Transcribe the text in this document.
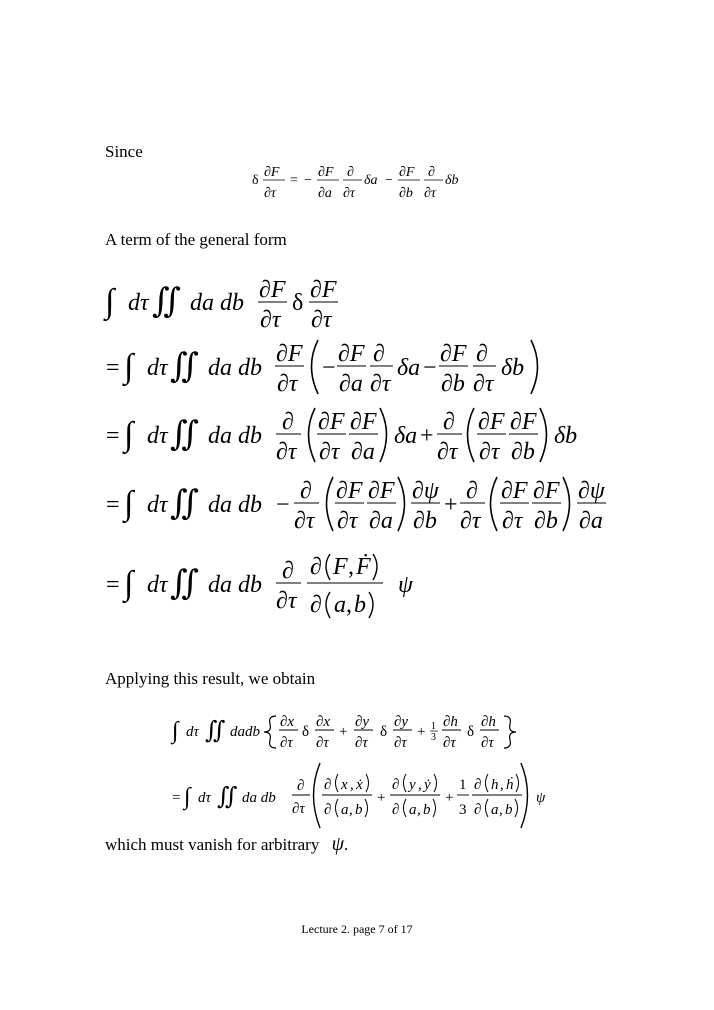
Since
A term of the general form
Applying this result, we obtain
which must vanish for arbitrary ψ.
δ
∂F
∂τ
= −
∂F
∂a
∂
∂τ
δa −
∂F
∂b
∂
∂τ
δb
∫ dτ ∬ da db ∂F
∂τ
δ ∂F
∂τ
= ∫ dτ ∬ da db
∂F
∂τ
−
∂F
∂a
∂
∂τ
δa −
∂F
∂b
∂
∂τ
δb
= ∫ dτ ∬ da db
∂
∂τ
∂F
∂τ
∂F
∂a
δa +
∂
∂τ
∂F
∂τ
∂F
∂b
δb
= ∫ dτ ∬ da db −
∂
∂τ
∂F
∂τ
∂F
∂a
∂ψ
∂b
+
∂
∂τ
∂F
∂τ
∂F
∂b
∂ψ
∂a
= ∫ dτ ∬ da db
∂
∂τ
∂ F , Ḟ
∂ a , b
ψ
∫ dτ ∬ dadb
∂x
∂τ
δ
∂x
∂τ
+
∂y
∂τ
δ
∂y
∂τ
+ 1
3
∂h
∂τ
δ
∂h
∂τ
= ∫ dτ ∬ da db
∂
∂τ
∂ x , ẋ
∂ a , b
+
∂ y , ẏ
∂ a , b
+
1
3
∂ h , ḣ
∂ a , b
ψ
Lecture 2. page 7 of 17
